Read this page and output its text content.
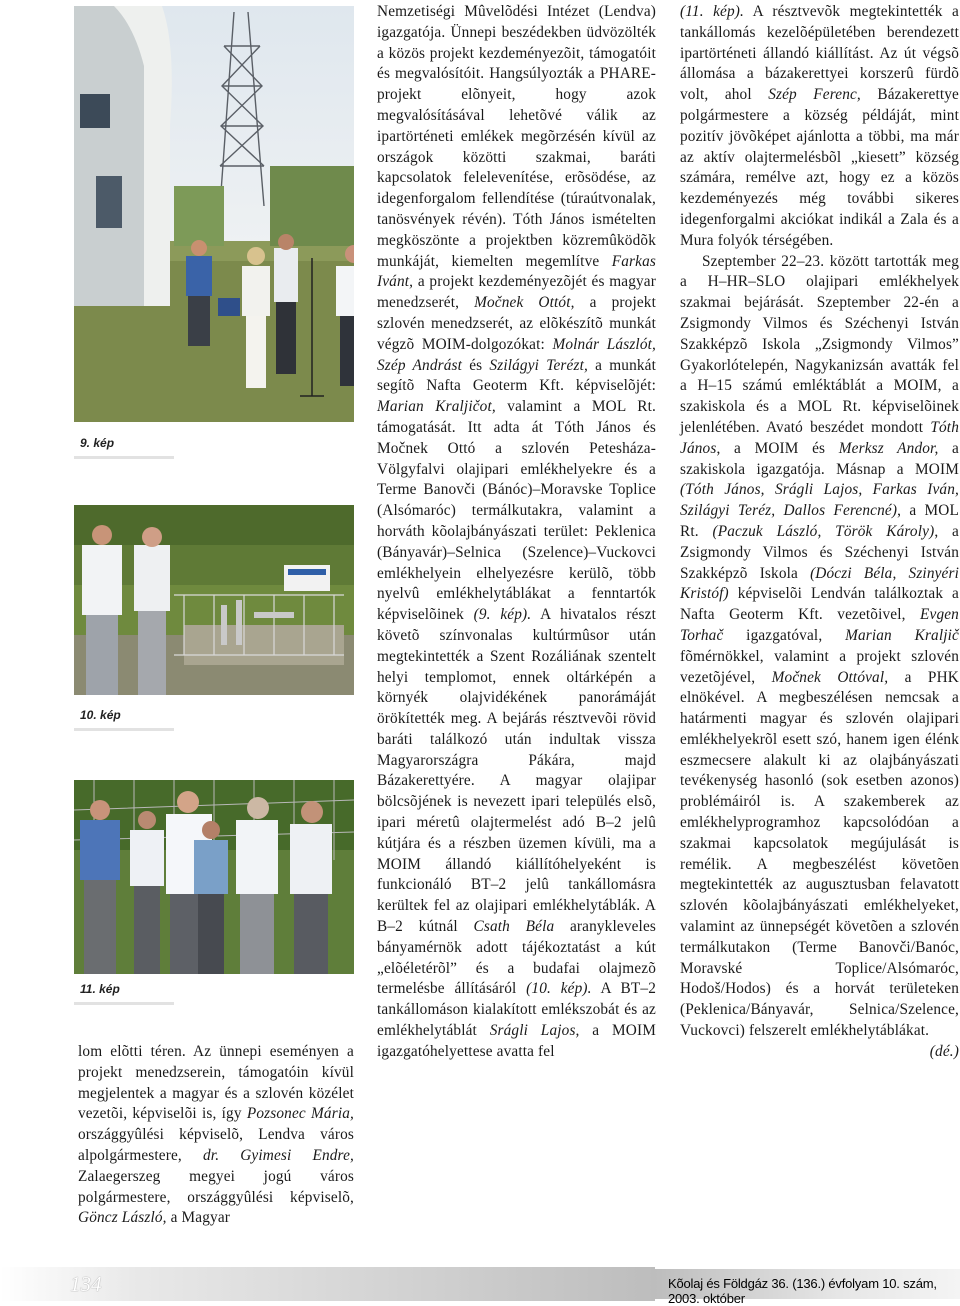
9. kép
10. kép
11. kép

lom elõtti téren. Az ünnepi eseményen a projekt menedzserein, támogatóin kívül megjelentek a magyar és a szlovén közélet vezetõi, képviselõi is, így Pozsonec Mária, országgyûlési képviselõ, Lendva város alpolgármestere, dr. Gyimesi Endre, Zalaegerszeg megyei jogú város polgármestere, országgyûlési képviselõ, Göncz László, a Magyar

Nemzetiségi Mûvelõdési Intézet (Lendva) igazgatója. Ünnepi beszédekben üdvözölték a közös projekt kezdeményezõit, támogatóit és megvalósítóit. Hangsúlyozták a PHARE-projekt elõnyeit, hogy azok megvalósításával lehetõvé válik az ipartörténeti emlékek megõrzésén kívül az országok közötti szakmai, baráti kapcsolatok felelevenítése, erõsödése, az idegenforgalom fellendítése (túraútvonalak, tanösvények révén). Tóth János ismételten megköszönte a projektben közremûködõk munkáját, kiemelten megemlítve Farkas Ivánt, a projekt kezdeményezõjét és magyar menedzserét, Močnek Ottót, a projekt szlovén menedzserét, az elõkészítõ munkát végzõ MOIM-dolgozókat: Molnár Lászlót, Szép Andrást és Szilágyi Terézt, a munkát segítõ Nafta Geoterm Kft. képviselõjét: Marian Kraljičot, valamint a MOL Rt. támogatását. Itt adta át Tóth János és Močnek Ottó a szlovén Petesháza-Völgyfalvi olajipari emlékhelyekre és a Terme Banovči (Bánóc)–Moravske Toplice (Alsómaróc) termálkutakra, valamint a horváth kõolajbányászati terület: Peklenica (Bányavár)–Selnica (Szelence)–Vuckovci emlékhelyein elhelyezésre kerülõ, több nyelvû emlékhelytáblákat a fenntartók képviselõinek (9. kép). A hivatalos részt követõ színvonalas kultúrmûsor után megtekintették a Szent Rozáliának szentelt helyi templomot, ennek oltárképén a környék olajvidékének panorámáját örökítették meg. A bejárás résztvevõi rövid baráti találkozó után indultak vissza Magyarországra Pákára, majd Bázakerettyére. A magyar olajipar bölcsõjének is nevezett ipari település elsõ, ipari méretû olajtermelést adó B–2 jelû kútjára és a részben üzemen kívüli, ma a MOIM állandó kiállítóhelyeként is funkcionáló BT–2 jelû tankállomásra kerültek fel az olajipari emlékhelytáblák. A B–2 kútnál Csath Béla aranykleveles bányamérnök adott tájékoztatást a kút „elõéletérõl” és a budafai olajmezõ termelésbe állításáról (10. kép). A BT–2 tankállomáson kialakított emlékszobát és az emlékhelytáblát Srágli Lajos, a MOIM igazgatóhelyettese avatta fel

(11. kép). A résztvevõk megtekintették a tankállomás kezelõépületében berendezett ipartörténeti állandó kiállítást. Az út végsõ állomása a bázakerettyei korszerû fürdõ volt, ahol Szép Ferenc, Bázakerettye polgármestere a község példáját, mint pozitív jövõképet ajánlotta a többi, ma már az aktív olajtermelésbõl „kiesett” község számára, remélve azt, hogy ez a közös kezdeményezés még további sikeres idegenforgalmi akciókat indikál a Zala és a Mura folyók térségében.

Szeptember 22–23. között tartották meg a H–HR–SLO olajipari emlékhelyek szakmai bejárását. Szeptember 22-én a Zsigmondy Vilmos és Széchenyi István Szakképzõ Iskola „Zsigmondy Vilmos” Gyakorlótelepén, Nagykanizsán avatták fel a H–15 számú emléktáblát a MOIM, a szakiskola és a MOL Rt. képviselõinek jelenlétében. Avató beszédet mondott Tóth János, a MOIM és Merksz Andor, a szakiskola igazgatója. Másnap a MOIM (Tóth János, Srágli Lajos, Farkas Iván, Szilágyi Teréz, Dallos Ferencné), a MOL Rt. (Paczuk László, Török Károly), a Zsigmondy Vilmos és Széchenyi István Szakképzõ Iskola (Dóczi Béla, Szinyéri Kristóf) képviselõi Lendván találkoztak a Nafta Geoterm Kft. vezetõivel, Evgen Torhač igazgatóval, Marian Kraljič fõmérnökkel, valamint a projekt szlovén vezetõjével, Močnek Ottóval, a PHK elnökével. A megbeszélésen nemcsak a határmenti magyar és szlovén olajipari emlékhelyekrõl esett szó, hanem igen élénk eszmecsere alakult ki az olajbányászati tevékenység hasonló (sok esetben azonos) problémáiról is. A szakemberek az emlékhelyprogramhoz kapcsolódóan a szakmai kapcsolatok megújulását is remélik. A megbeszélést követõen megtekintették az augusztusban felavatott szlovén kõolajbányászati emlékhelyeket, valamint az ünnepségét követõen a szlovén termálkutakon (Terme Banovči/Banóc, Moravské Toplice/Alsómaróc, Hodoš/Hodos) és a horvát területeken (Peklenica/Bányavár, Selnica/Szelence, Vuckovci) felszerelt emlékhelytáblákat.

(dé.)

134	Kõolaj és Földgáz 36. (136.) évfolyam 10. szám, 2003. október
